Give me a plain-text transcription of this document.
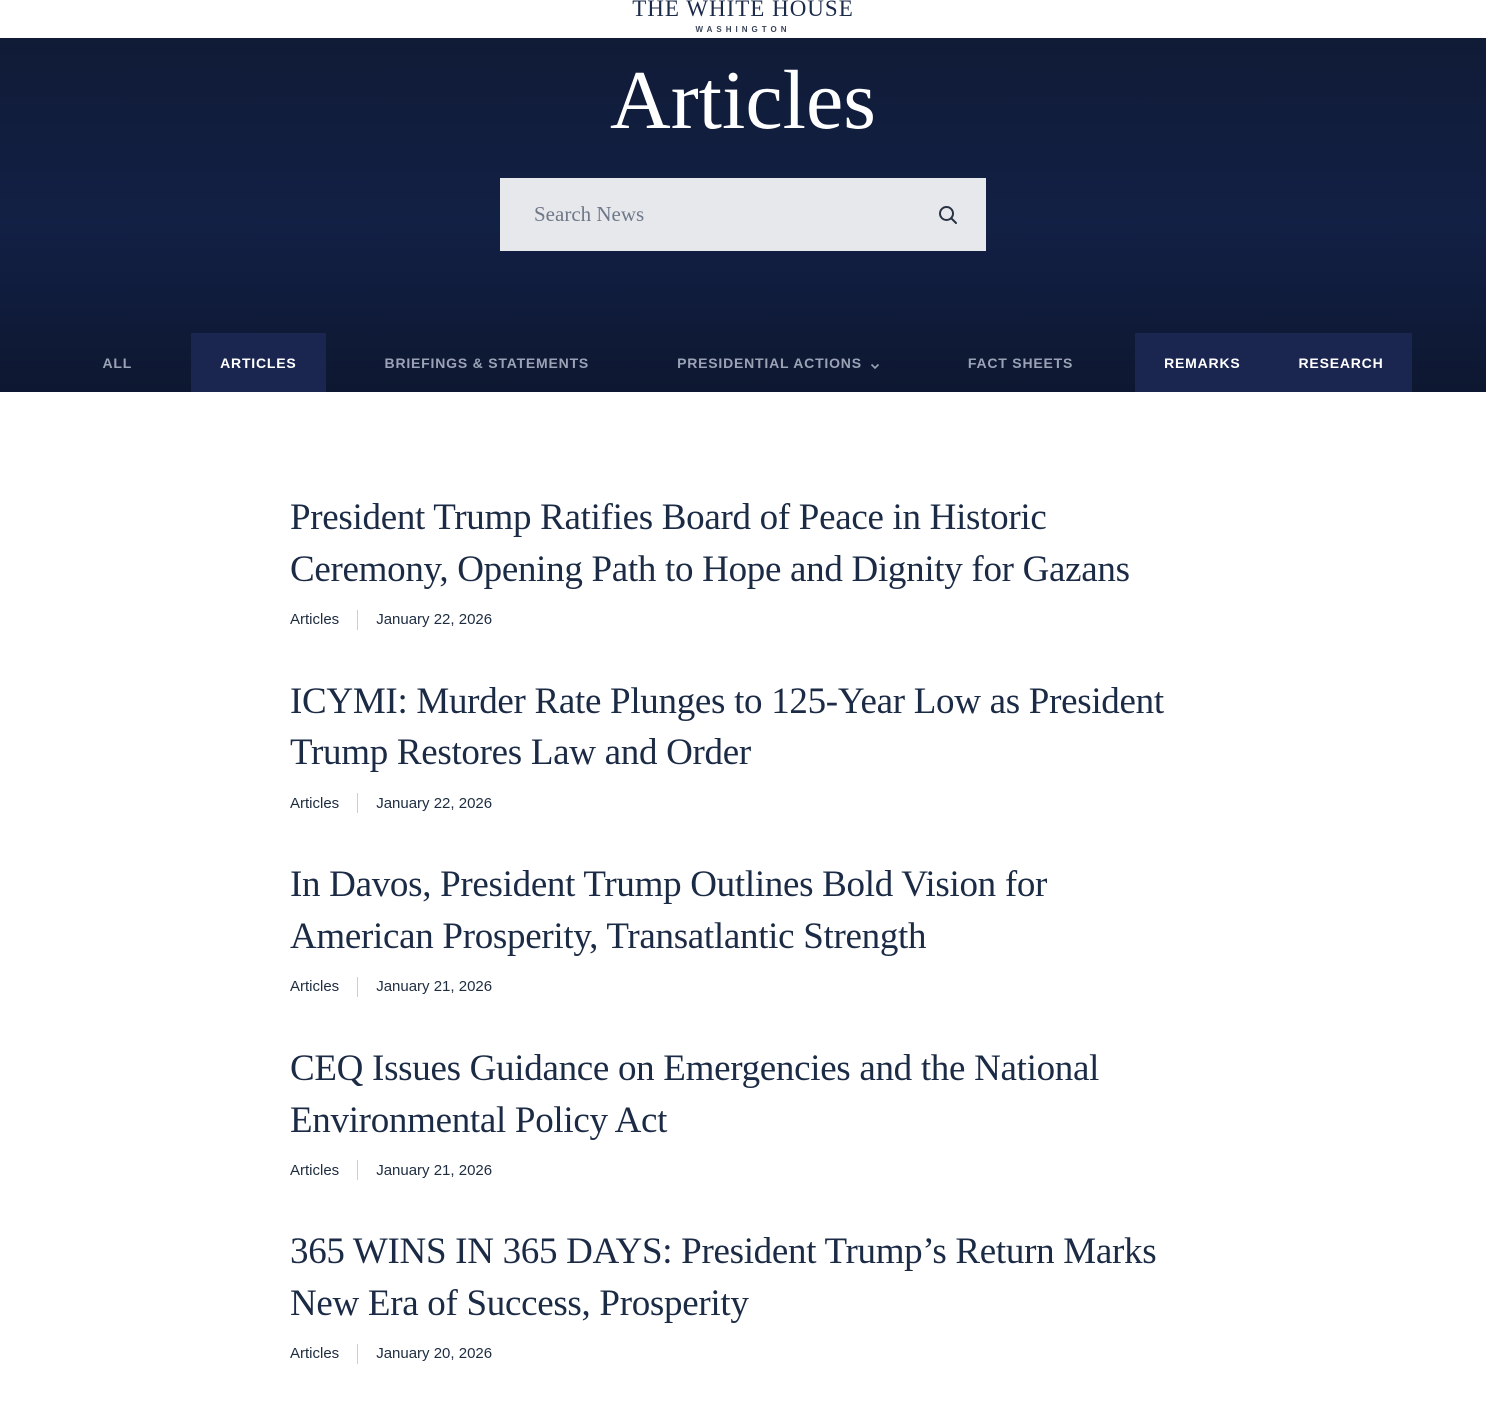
THE WHITE HOUSE
WASHINGTON
Articles
Search News
ALL	ARTICLES	BRIEFINGS & STATEMENTS	PRESIDENTIAL ACTIONS	FACT SHEETS	REMARKS	RESEARCH
President Trump Ratifies Board of Peace in Historic Ceremony, Opening Path to Hope and Dignity for Gazans
Articles January 22, 2026
ICYMI: Murder Rate Plunges to 125-Year Low as President Trump Restores Law and Order
Articles January 22, 2026
In Davos, President Trump Outlines Bold Vision for American Prosperity, Transatlantic Strength
Articles January 21, 2026
CEQ Issues Guidance on Emergencies and the National Environmental Policy Act
Articles January 21, 2026
365 WINS IN 365 DAYS: President Trump’s Return Marks New Era of Success, Prosperity
Articles January 20, 2026
